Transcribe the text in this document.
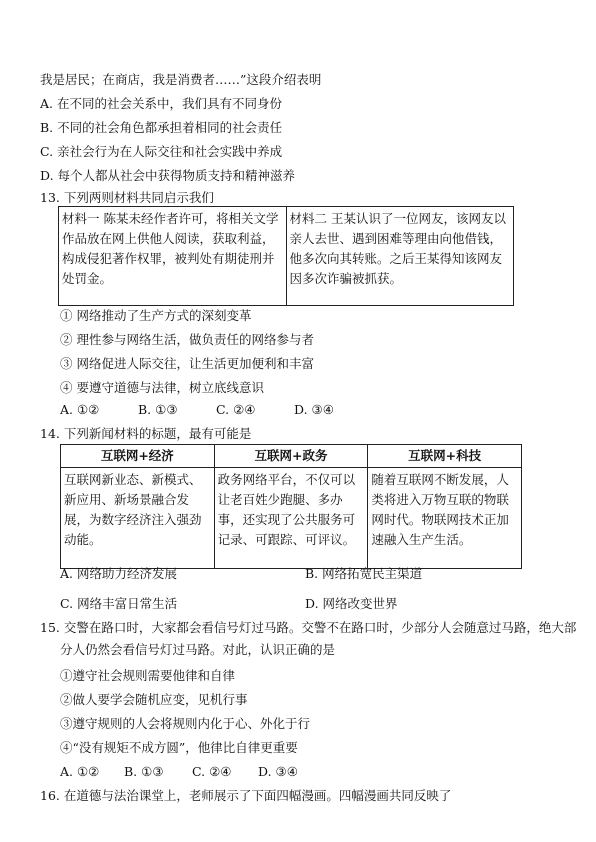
我是居民；在商店，我是消费者……”这段介绍表明
A. 在不同的社会关系中，我们具有不同身份
B. 不同的社会角色都承担着相同的社会责任
C. 亲社会行为在人际交往和社会实践中养成
D. 每个人都从社会中获得物质支持和精神滋养
13. 下列两则材料共同启示我们
材料一 陈某未经作者许可，将相关文学作品放在网上供他人阅读，获取利益，构成侵犯著作权罪，被判处有期徒刑并处罚金。	材料二 王某认识了一位网友，该网友以亲人去世、遇到困难等理由向他借钱，他多次向其转账。之后王某得知该网友因多次诈骗被抓获。
① 网络推动了生产方式的深刻变革
② 理性参与网络生活，做负责任的网络参与者
③ 网络促进人际交往，让生活更加便利和丰富
④ 要遵守道德与法律，树立底线意识
A. ①②	B. ①③	C. ②④	D. ③④
14. 下列新闻材料的标题，最有可能是
互联网+经济	互联网+政务	互联网+科技
互联网新业态、新模式、新应用、新场景融合发展，为数字经济注入强劲动能。	政务网络平台，不仅可以让老百姓少跑腿、多办事，还实现了公共服务可记录、可跟踪、可评议。	随着互联网不断发展，人类将进入万物互联的物联网时代。物联网技术正加速融入生产生活。
A. 网络助力经济发展	B. 网络拓宽民主渠道
C. 网络丰富日常生活	D. 网络改变世界
15. 交警在路口时，大家都会看信号灯过马路。交警不在路口时，少部分人会随意过马路，绝大部
分人仍然会看信号灯过马路。对此，认识正确的是
①遵守社会规则需要他律和自律
②做人要学会随机应变，见机行事
③遵守规则的人会将规则内化于心、外化于行
④“没有规矩不成方圆”，他律比自律更重要
A. ①② B. ①③ C. ②④ D. ③④
16. 在道德与法治课堂上，老师展示了下面四幅漫画。四幅漫画共同反映了
